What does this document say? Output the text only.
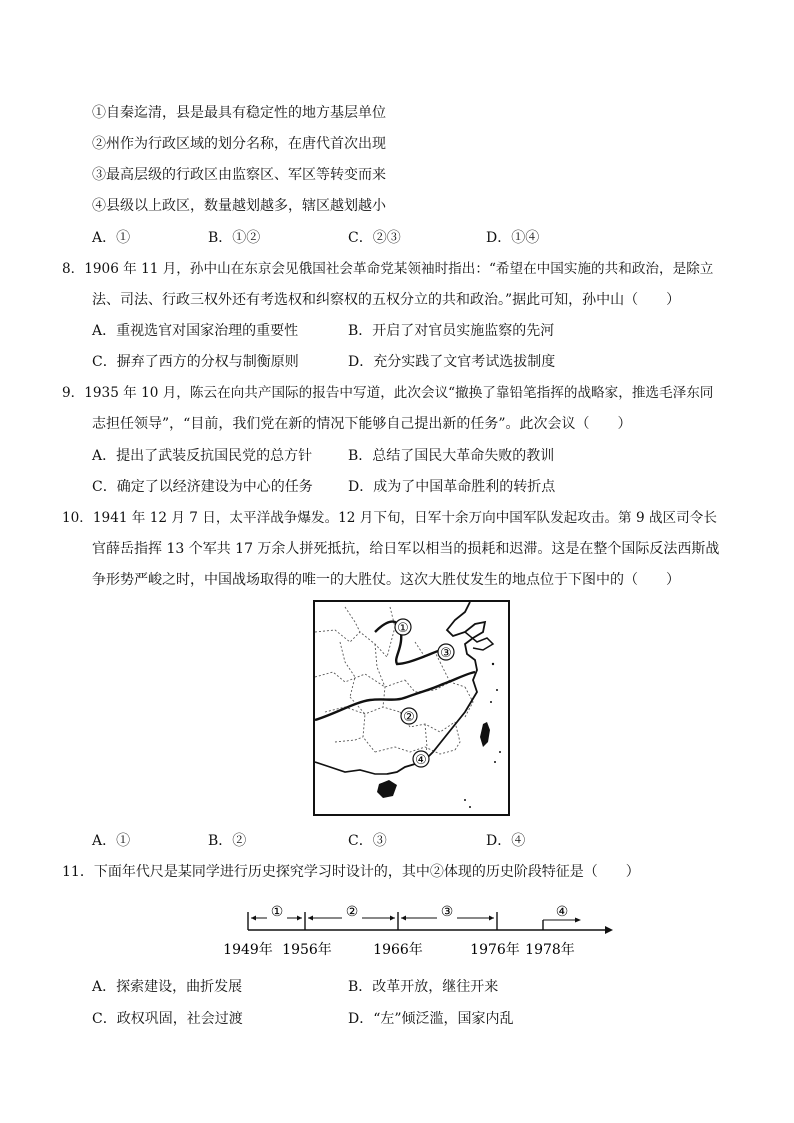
①自秦迄清，县是最具有稳定性的地方基层单位
②州作为行政区域的划分名称，在唐代首次出现
③最高层级的行政区由监察区、军区等转变而来
④县级以上政区，数量越划越多，辖区越划越小
A．①	B．①②	C．②③	D．①④
8．1906 年 11 月，孙中山在东京会见俄国社会革命党某领袖时指出：“希望在中国实施的共和政治，是除立
法、司法、行政三权外还有考选权和纠察权的五权分立的共和政治。”据此可知，孙中山（　　）
A．重视选官对国家治理的重要性	B．开启了对官员实施监察的先河
C．摒弃了西方的分权与制衡原则	D．充分实践了文官考试选拔制度
9．1935 年 10 月，陈云在向共产国际的报告中写道，此次会议“撤换了靠铅笔指挥的战略家，推选毛泽东同
志担任领导”，“目前，我们党在新的情况下能够自己提出新的任务”。此次会议（　　）
A．提出了武装反抗国民党的总方针	B．总结了国民大革命失败的教训
C．确定了以经济建设为中心的任务	D．成为了中国革命胜利的转折点
10．1941 年 12 月 7 日，太平洋战争爆发。12 月下旬，日军十余万向中国军队发起攻击。第 9 战区司令长
官薛岳指挥 13 个军共 17 万余人拼死抵抗，给日军以相当的损耗和迟滞。这是在整个国际反法西斯战
争形势严峻之时，中国战场取得的唯一的大胜仗。这次大胜仗发生的地点位于下图中的（　　）
①
③
②
④
A．①	B．②	C．③	D．④
11．下面年代尺是某同学进行历史探究学习时设计的，其中②体现的历史阶段特征是（　　）
①	②	③	④
1949年 1956年	1966年	1976年 1978年
A．探索建设，曲折发展	B．改革开放，继往开来
C．政权巩固，社会过渡	D．“左”倾泛滥，国家内乱
